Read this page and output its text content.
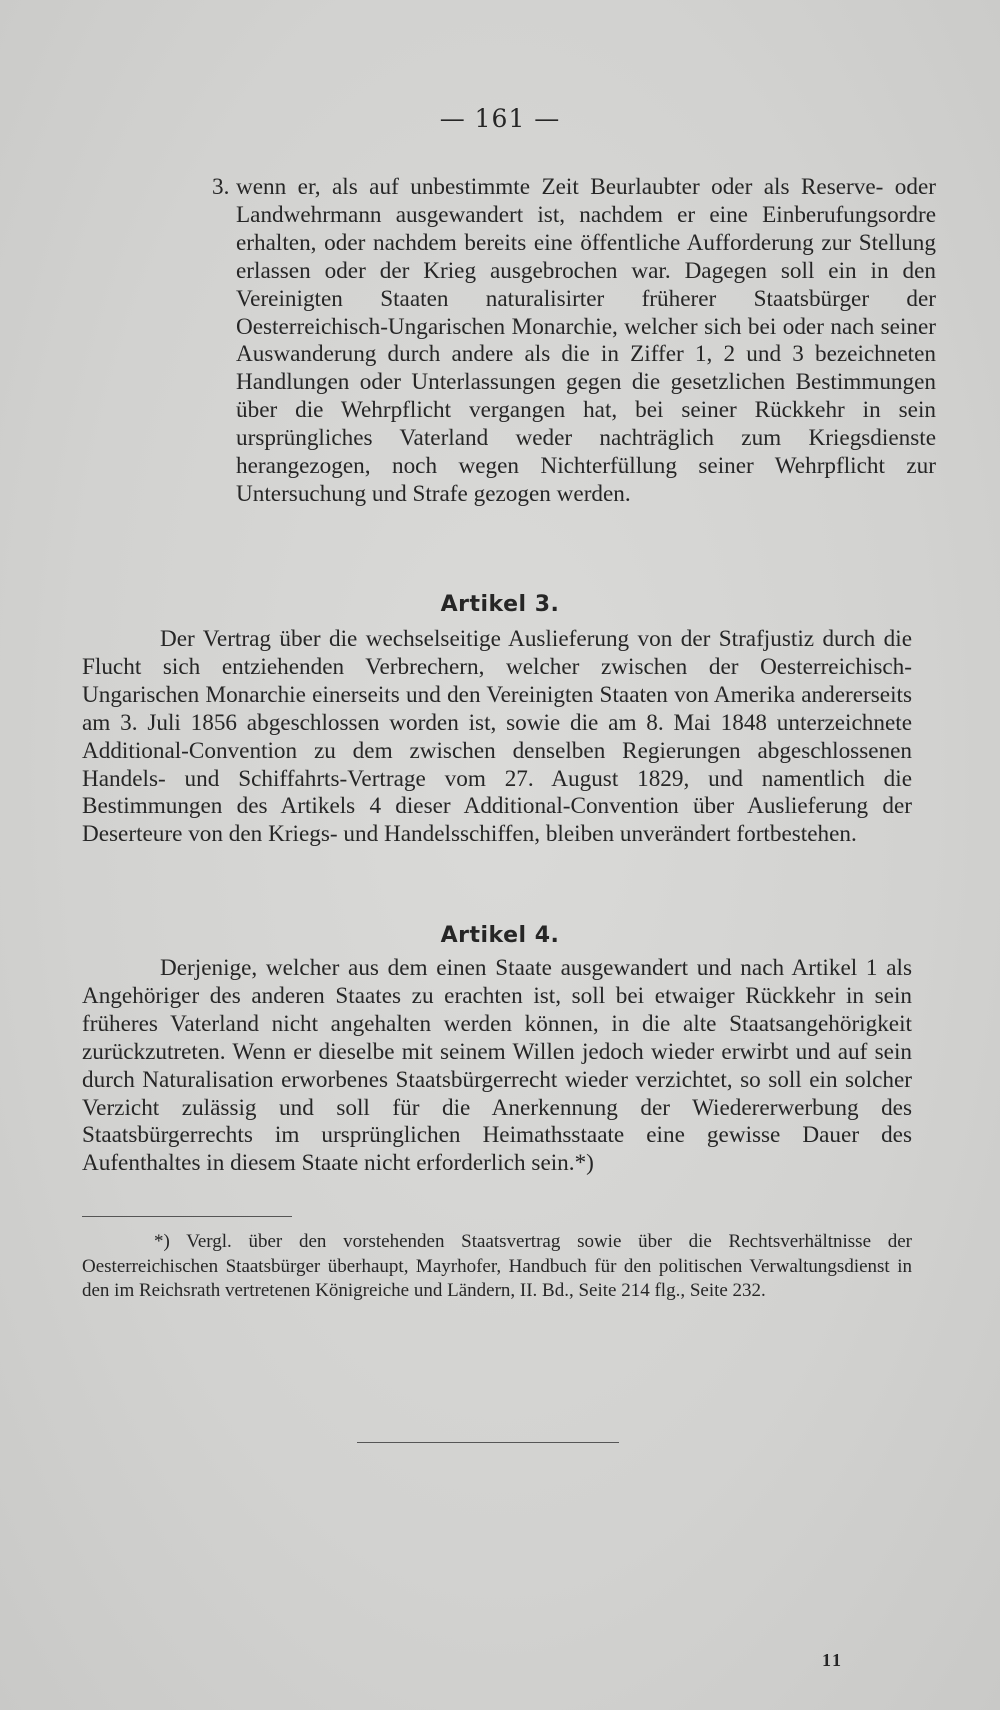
— 161 —

3. wenn er, als auf unbestimmte Zeit Beurlaubter oder als Reserve- oder Landwehrmann ausgewandert ist, nachdem er eine Einberufungsordre erhalten, oder nachdem bereits eine öffentliche Aufforderung zur Stellung erlassen oder der Krieg ausgebrochen war. Dagegen soll ein in den Vereinigten Staaten naturalisirter früherer Staatsbürger der Oesterreichisch-Ungarischen Monarchie, welcher sich bei oder nach seiner Auswanderung durch andere als die in Ziffer 1, 2 und 3 bezeichneten Handlungen oder Unterlassungen gegen die gesetzlichen Bestimmungen über die Wehrpflicht vergangen hat, bei seiner Rückkehr in sein ursprüngliches Vaterland weder nachträglich zum Kriegsdienste herangezogen, noch wegen Nichterfüllung seiner Wehrpflicht zur Untersuchung und Strafe gezogen werden.

Artikel 3.

Der Vertrag über die wechselseitige Auslieferung von der Strafjustiz durch die Flucht sich entziehenden Verbrechern, welcher zwischen der Oesterreichisch-Ungarischen Monarchie einerseits und den Vereinigten Staaten von Amerika andererseits am 3. Juli 1856 abgeschlossen worden ist, sowie die am 8. Mai 1848 unterzeichnete Additional-Convention zu dem zwischen denselben Regierungen abgeschlossenen Handels- und Schiffahrts-Vertrage vom 27. August 1829, und namentlich die Bestimmungen des Artikels 4 dieser Additional-Convention über Auslieferung der Deserteure von den Kriegs- und Handelsschiffen, bleiben unverändert fortbestehen.

Artikel 4.

Derjenige, welcher aus dem einen Staate ausgewandert und nach Artikel 1 als Angehöriger des anderen Staates zu erachten ist, soll bei etwaiger Rückkehr in sein früheres Vaterland nicht angehalten werden können, in die alte Staatsangehörigkeit zurückzutreten. Wenn er dieselbe mit seinem Willen jedoch wieder erwirbt und auf sein durch Naturalisation erworbenes Staatsbürgerrecht wieder verzichtet, so soll ein solcher Verzicht zulässig und soll für die Anerkennung der Wiedererwerbung des Staatsbürgerrechts im ursprünglichen Heimathsstaate eine gewisse Dauer des Aufenthaltes in diesem Staate nicht erforderlich sein.*)

*) Vergl. über den vorstehenden Staatsvertrag sowie über die Rechtsverhältnisse der Oesterreichischen Staatsbürger überhaupt, Mayrhofer, Handbuch für den politischen Verwaltungsdienst in den im Reichsrath vertretenen Königreiche und Ländern, II. Bd., Seite 214 flg., Seite 232.

11
